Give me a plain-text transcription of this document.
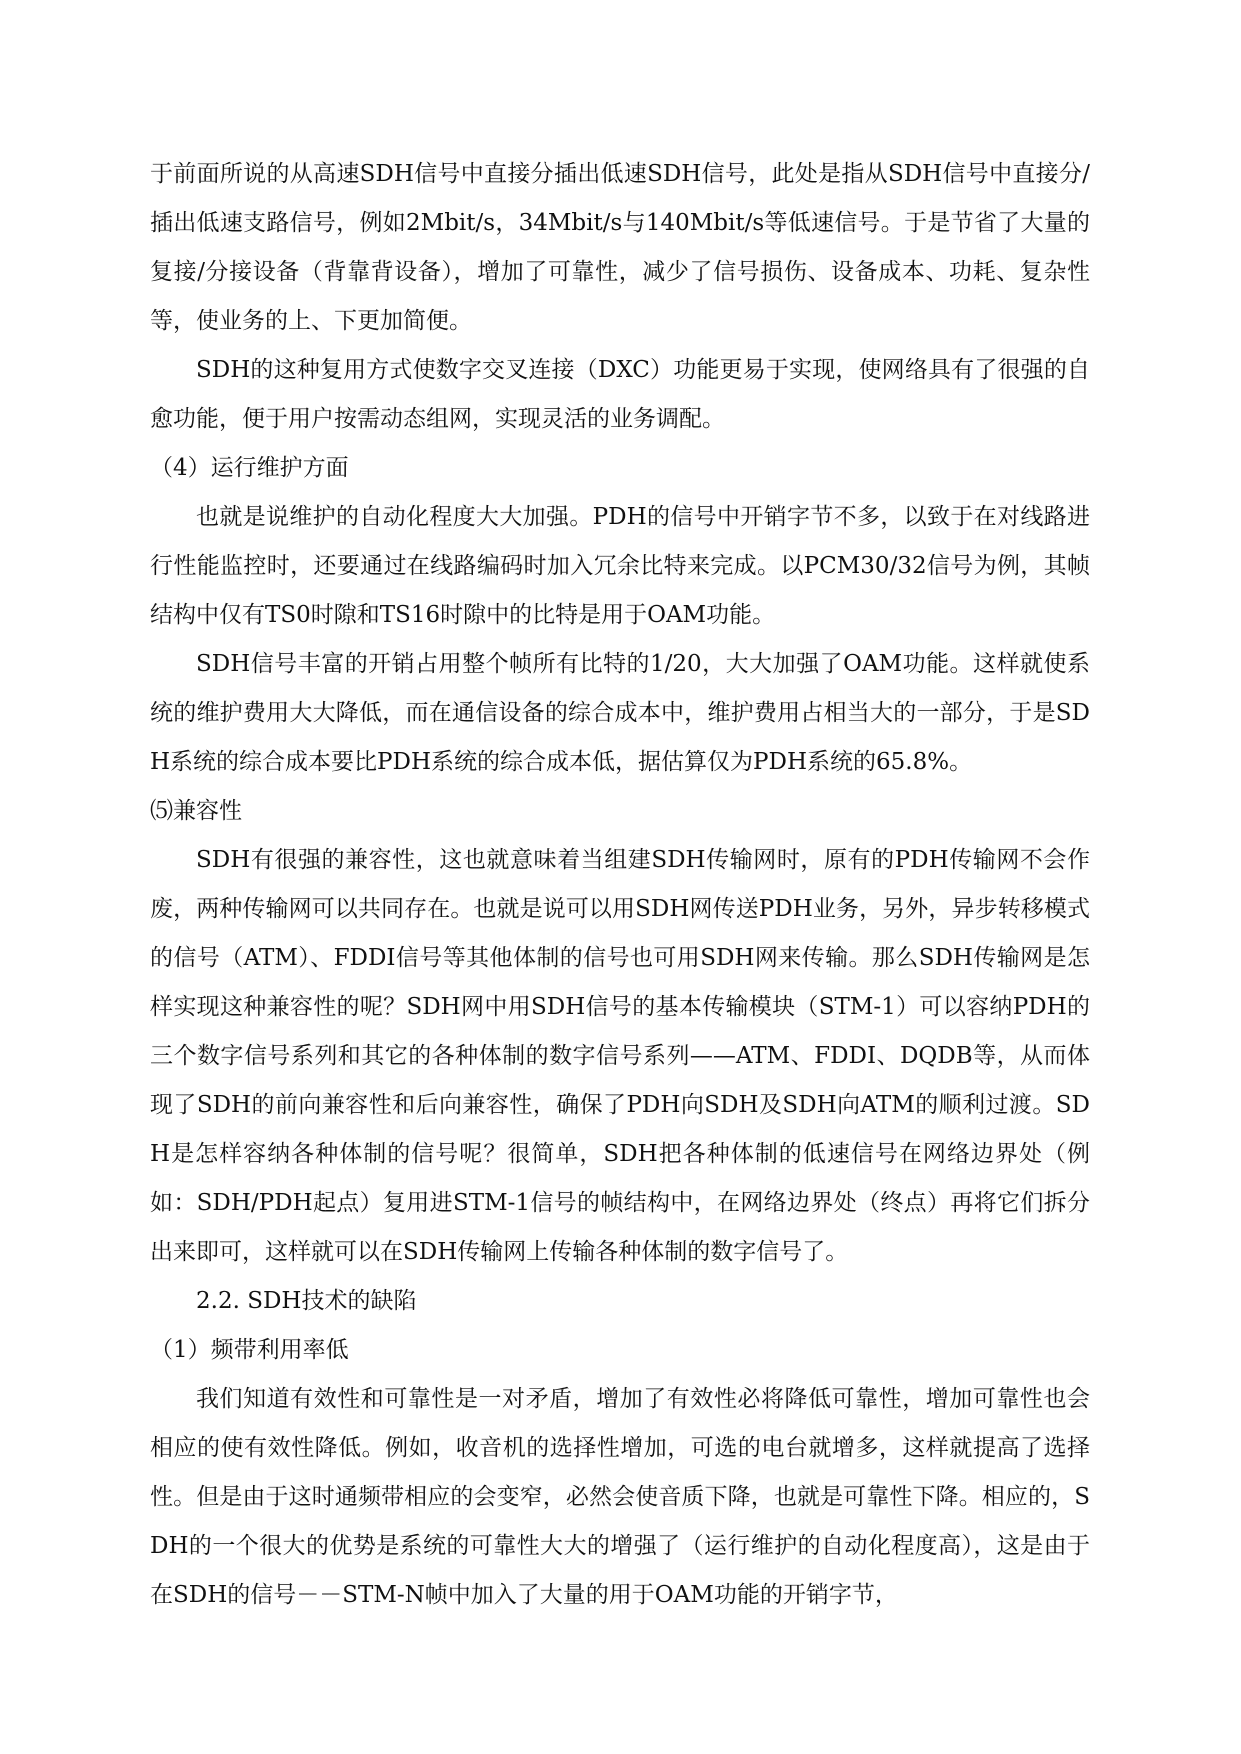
于前面所说的从高速SDH信号中直接分插出低速SDH信号，此处是指从SDH信号中直接分/插出低速支路信号，例如2Mbit/s，34Mbit/s与140Mbit/s等低速信号。于是节省了大量的复接/分接设备（背靠背设备），增加了可靠性，减少了信号损伤、设备成本、功耗、复杂性等，使业务的上、下更加简便。

SDH的这种复用方式使数字交叉连接（DXC）功能更易于实现，使网络具有了很强的自愈功能，便于用户按需动态组网，实现灵活的业务调配。

（4）运行维护方面

也就是说维护的自动化程度大大加强。PDH的信号中开销字节不多，以致于在对线路进行性能监控时，还要通过在线路编码时加入冗余比特来完成。以PCM30/32信号为例，其帧结构中仅有TS0时隙和TS16时隙中的比特是用于OAM功能。

SDH信号丰富的开销占用整个帧所有比特的1/20，大大加强了OAM功能。这样就使系统的维护费用大大降低，而在通信设备的综合成本中，维护费用占相当大的一部分，于是SDH系统的综合成本要比PDH系统的综合成本低，据估算仅为PDH系统的65.8%。

⑸兼容性

SDH有很强的兼容性，这也就意味着当组建SDH传输网时，原有的PDH传输网不会作废，两种传输网可以共同存在。也就是说可以用SDH网传送PDH业务，另外，异步转移模式的信号（ATM）、FDDI信号等其他体制的信号也可用SDH网来传输。那么SDH传输网是怎样实现这种兼容性的呢？SDH网中用SDH信号的基本传输模块（STM-1）可以容纳PDH的三个数字信号系列和其它的各种体制的数字信号系列——ATM、FDDI、DQDB等，从而体现了SDH的前向兼容性和后向兼容性，确保了PDH向SDH及SDH向ATM的顺利过渡。SDH是怎样容纳各种体制的信号呢？很简单，SDH把各种体制的低速信号在网络边界处（例如：SDH/PDH起点）复用进STM-1信号的帧结构中，在网络边界处（终点）再将它们拆分出来即可，这样就可以在SDH传输网上传输各种体制的数字信号了。

2.2. SDH技术的缺陷

（1）频带利用率低

我们知道有效性和可靠性是一对矛盾，增加了有效性必将降低可靠性，增加可靠性也会相应的使有效性降低。例如，收音机的选择性增加，可选的电台就增多，这样就提高了选择性。但是由于这时通频带相应的会变窄，必然会使音质下降，也就是可靠性下降。相应的，SDH的一个很大的优势是系统的可靠性大大的增强了（运行维护的自动化程度高），这是由于在SDH的信号－－STM-N帧中加入了大量的用于OAM功能的开销字节，
